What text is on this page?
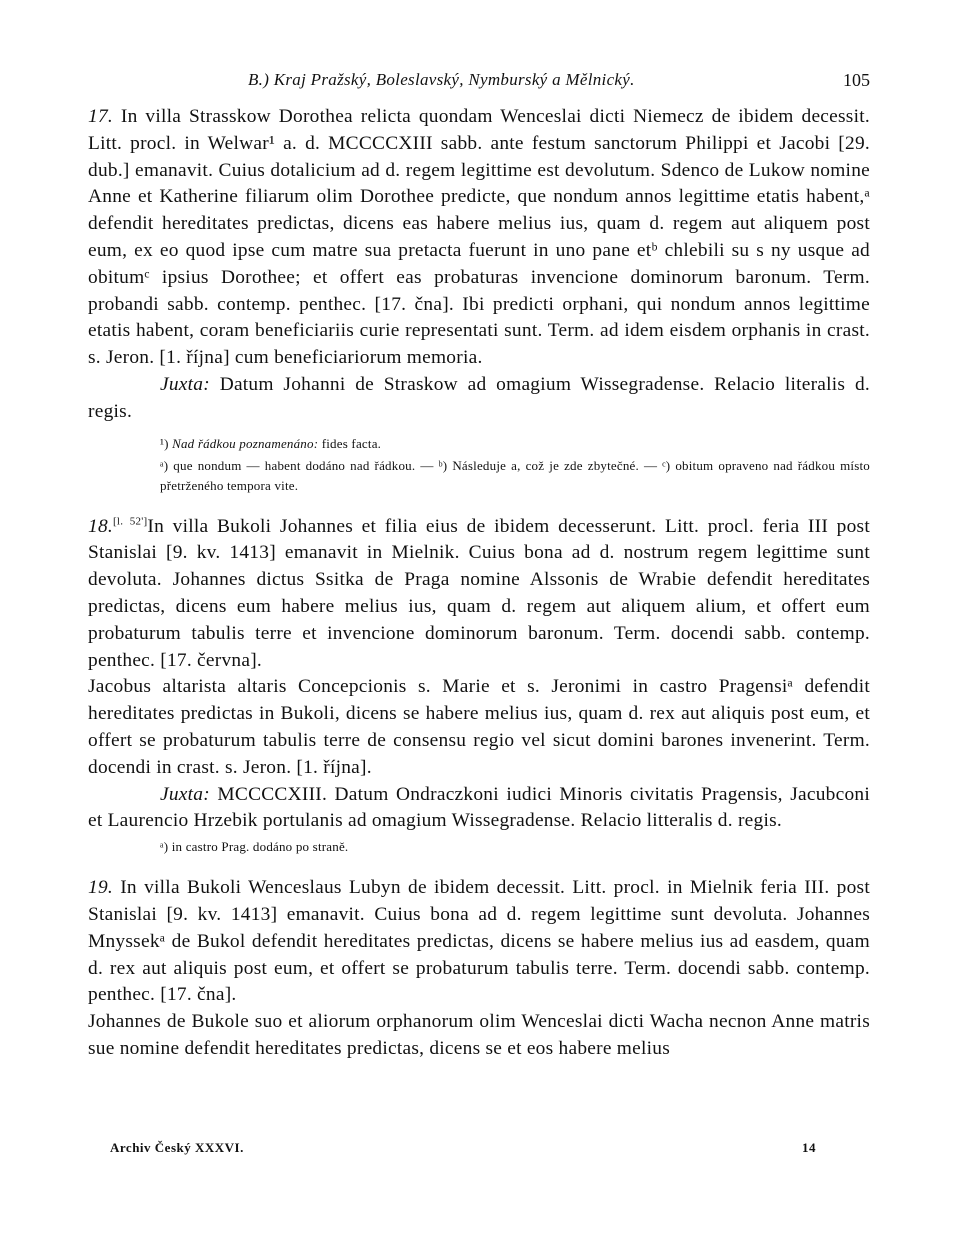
B.) Kraj Pražský, Boleslavský, Nymburský a Mělnický.	105

17. In villa Strasskow Dorothea relicta quondam Wenceslai dicti Niemecz de ibidem decessit. Litt. procl. in Welwar¹ a. d. MCCCCXIII sabb. ante festum sanctorum Philippi et Jacobi [29. dub.] emanavit. Cuius dotalicium ad d. regem legittime est devolutum. Sdenco de Lukow nomine Anne et Katherine filiarum olim Dorothee predicte, que nondum annos legittime etatis habent,ᵃ defendit hereditates predictas, dicens eas habere melius ius, quam d. regem aut aliquem post eum, ex eo quod ipse cum matre sua pretacta fuerunt in uno pane etᵇ chlebili su s ny usque ad obitumᶜ ipsius Dorothee; et offert eas probaturas invencione dominorum baronum. Term. probandi sabb. contemp. penthec. [17. čna]. Ibi predicti orphani, qui nondum annos legittime etatis habent, coram beneficiariis curie representati sunt. Term. ad idem eisdem orphanis in crast. s. Jeron. [1. října] cum beneficiariorum memoria.

Juxta: Datum Johanni de Straskow ad omagium Wissegradense. Relacio literalis d. regis.

¹) Nad řádkou poznamenáno: fides facta.

ᵃ) que nondum — habent dodáno nad řádkou. — ᵇ) Následuje a, což je zde zbytečné. — ᶜ) obitum opraveno nad řádkou místo přetrženého tempora vite.

18.[l. 52']In villa Bukoli Johannes et filia eius de ibidem decesserunt. Litt. procl. feria III post Stanislai [9. kv. 1413] emanavit in Mielnik. Cuius bona ad d. nostrum regem legittime sunt devoluta. Johannes dictus Ssitka de Praga nomine Alssonis de Wrabie defendit hereditates predictas, dicens eum habere melius ius, quam d. regem aut aliquem alium, et offert eum probaturum tabulis terre et invencione dominorum baronum. Term. docendi sabb. contemp. penthec. [17. června].

Jacobus altarista altaris Concepcionis s. Marie et s. Jeronimi in castro Pragensiᵃ defendit hereditates predictas in Bukoli, dicens se habere melius ius, quam d. rex aut aliquis post eum, et offert se probaturum tabulis terre de consensu regio vel sicut domini barones invenerint. Term. docendi in crast. s. Jeron. [1. října].

Juxta: MCCCCXIII. Datum Ondraczkoni iudici Minoris civitatis Pragensis, Jacubconi et Laurencio Hrzebik portulanis ad omagium Wissegradense. Relacio litteralis d. regis.

ᵃ) in castro Prag. dodáno po straně.

19. In villa Bukoli Wenceslaus Lubyn de ibidem decessit. Litt. procl. in Mielnik feria III. post Stanislai [9. kv. 1413] emanavit. Cuius bona ad d. regem legittime sunt devoluta. Johannes Mnyssekᵃ de Bukol defendit hereditates predictas, dicens se habere melius ius ad easdem, quam d. rex aut aliquis post eum, et offert se probaturum tabulis terre. Term. docendi sabb. contemp. penthec. [17. čna].

Johannes de Bukole suo et aliorum orphanorum olim Wenceslai dicti Wacha necnon Anne matris sue nomine defendit hereditates predictas, dicens se et eos habere melius

Archiv Český XXXVI.	14
